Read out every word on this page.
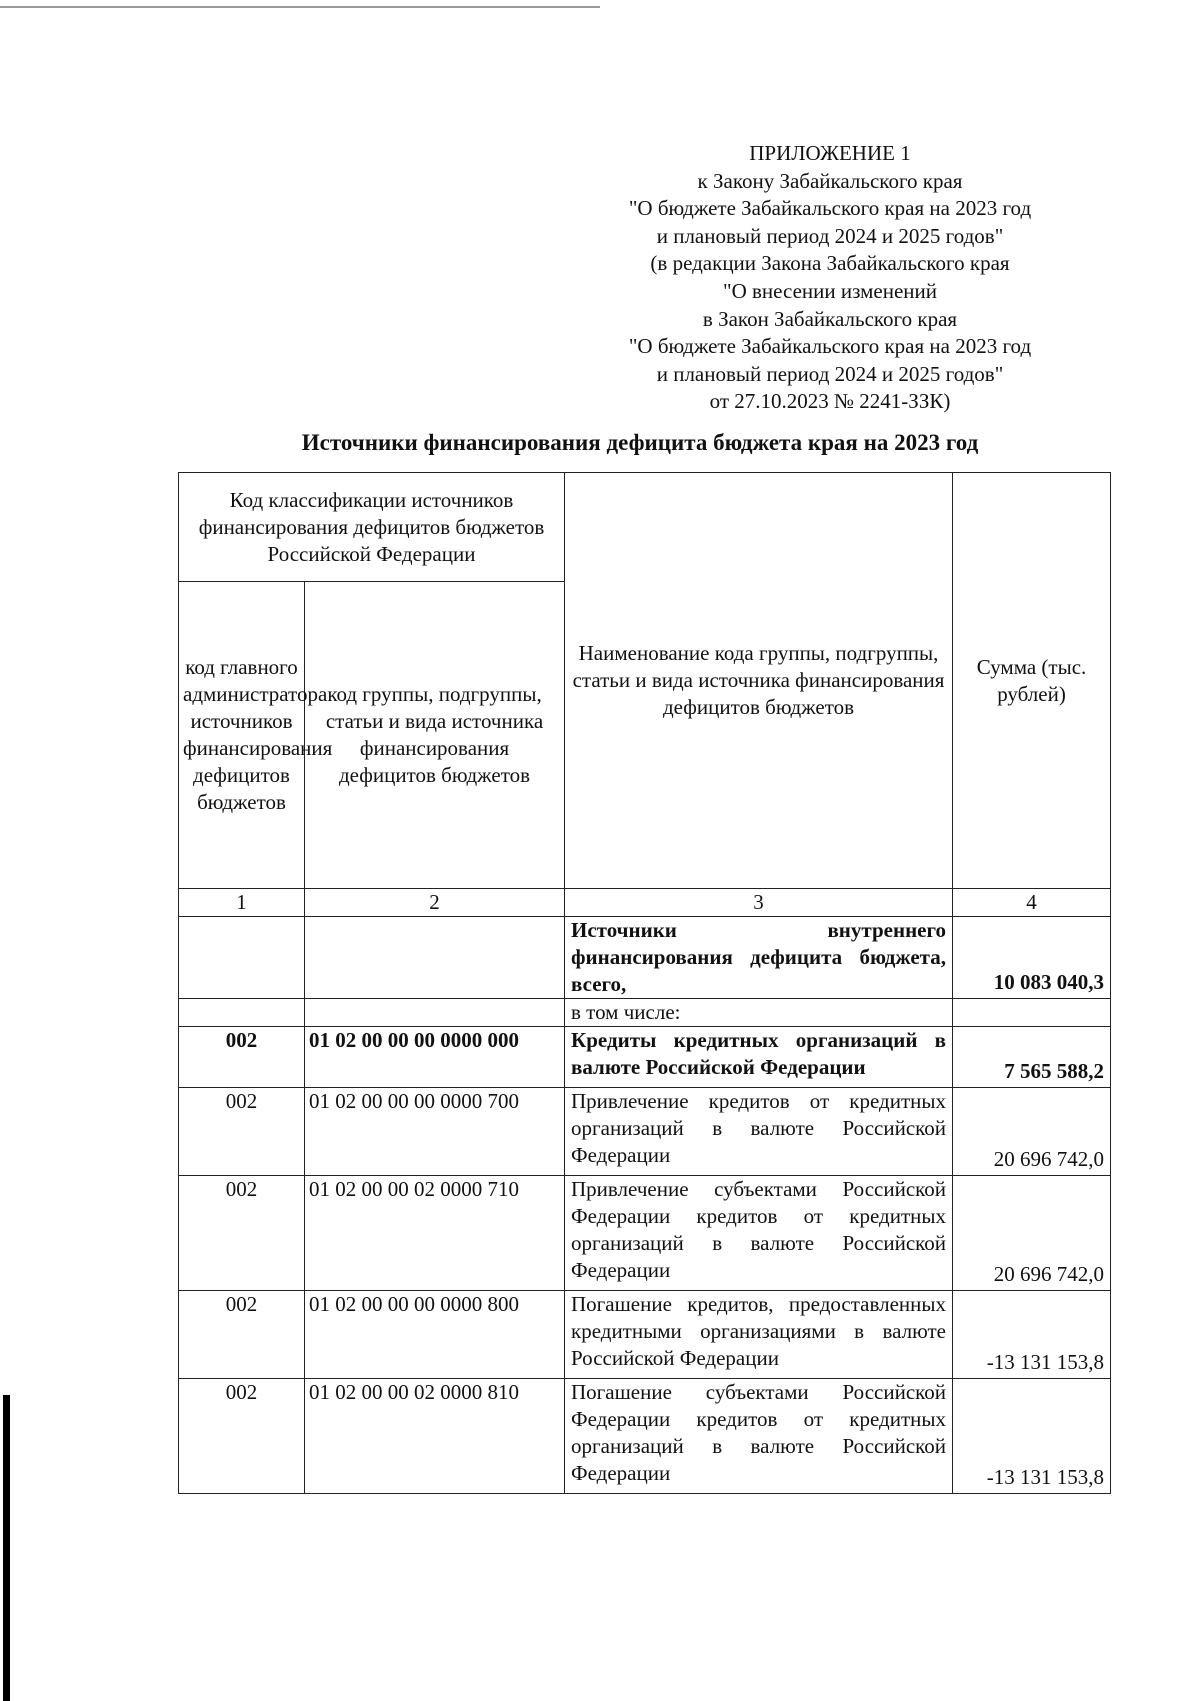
ПРИЛОЖЕНИЕ 1
к Закону Забайкальского края
"О бюджете Забайкальского края на 2023 год
и плановый период 2024 и 2025 годов"
(в редакции Закона Забайкальского края
"О внесении изменений
в Закон Забайкальского края
"О бюджете Забайкальского края на 2023 год
и плановый период 2024 и 2025 годов"
от 27.10.2023 № 2241-ЗЗК)
Источники финансирования дефицита бюджета края на 2023 год
Код классификации источников финансирования дефицитов бюджетов Российской Федерации		Наименование кода группы, подгруппы, статьи и вида источника финансирования дефицитов бюджетов	Сумма (тыс. рублей)
код главного администратора источников финансирования дефицитов бюджетов	код группы, подгруппы, статьи и вида источника финансирования дефицитов бюджетов		
1	2	3	4
		Источники внутреннего финансирования дефицита бюджета, всего,	10 083 040,3
		в том числе:	
002	01 02 00 00 00 0000 000	Кредиты кредитных организаций в валюте Российской Федерации	7 565 588,2
002	01 02 00 00 00 0000 700	Привлечение кредитов от кредитных организаций в валюте Российской Федерации	20 696 742,0
002	01 02 00 00 02 0000 710	Привлечение субъектами Российской Федерации кредитов от кредитных организаций в валюте Российской Федерации	20 696 742,0
002	01 02 00 00 00 0000 800	Погашение кредитов, предоставленных кредитными организациями в валюте Российской Федерации	-13 131 153,8
002	01 02 00 00 02 0000 810	Погашение субъектами Российской Федерации кредитов от кредитных организаций в валюте Российской Федерации	-13 131 153,8
